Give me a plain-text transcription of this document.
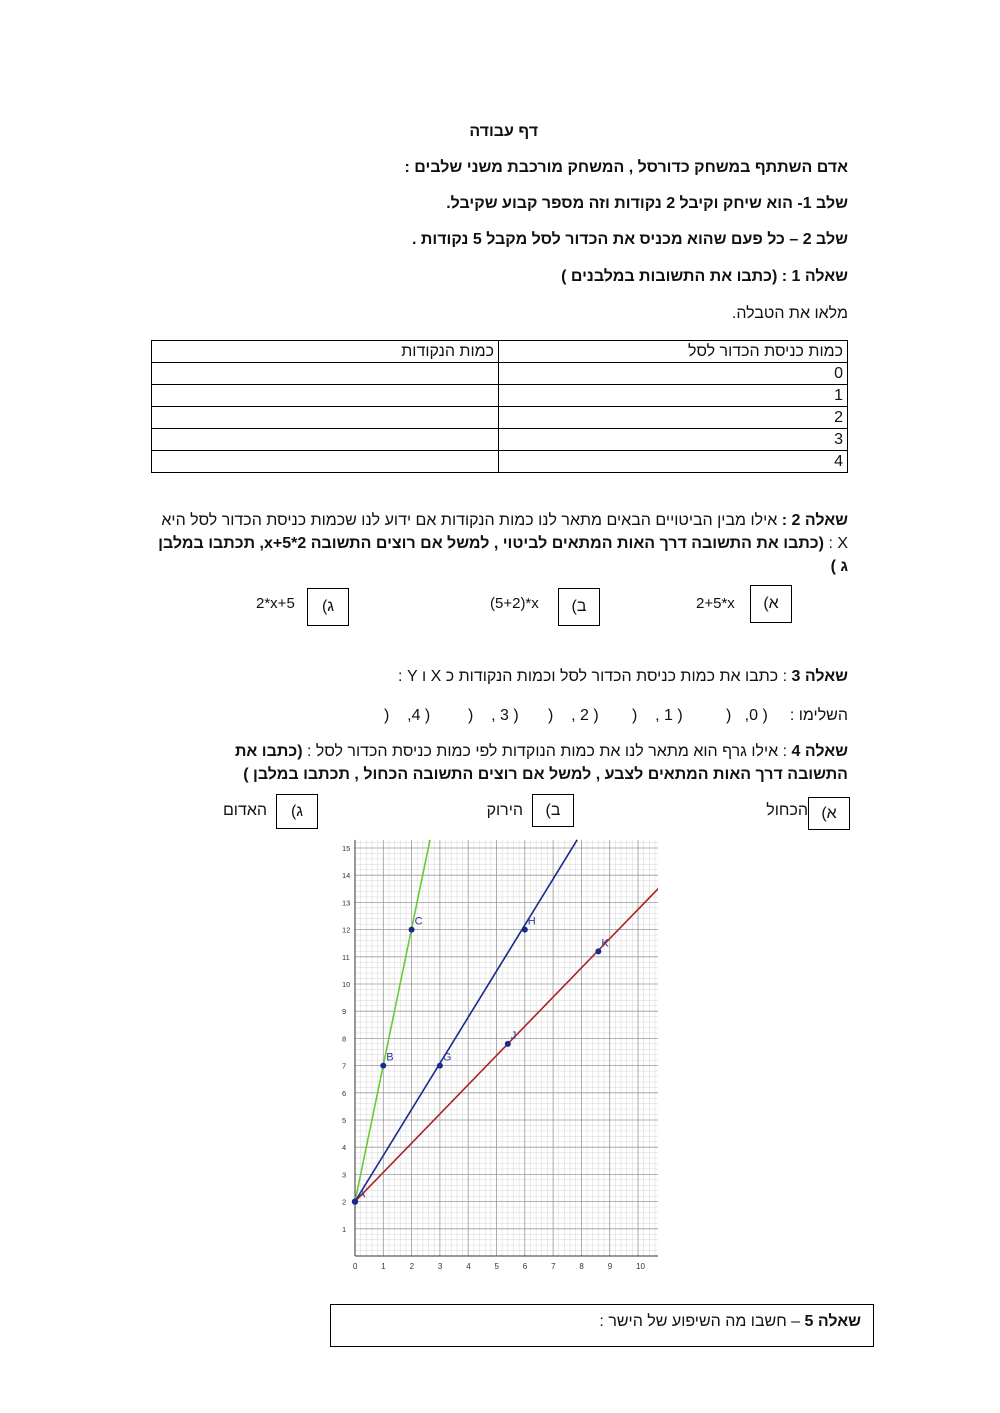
דף עבודה
אדם השתתף במשחק כדורסל , המשחק מורכבת משני שלבים :
שלב 1- הוא שיחק וקיבל 2 נקודות וזה מספר קבוע שקיבל.
שלב 2 – כל פעם שהוא מכניס את הכדור לסל מקבל 5 נקודות .
שאלה 1 : (כתבו את התשובות במלבנים )
מלאו את הטבלה.
כמות כניסת הכדור לסל	כמות הנקודות
0	
1	
2	
3	
4	
שאלה 2 : אילו מבין הביטויים הבאים מתאר לנו כמות הנקודות אם ידוע לנו שכמות כניסת הכדור לסל היא X : (כתבו את התשובה דרך האות המתאים לביטוי , למשל אם רוצים התשובה 2*x+5, תכתבו במלבן ג )
א)
2+5*x
ב)
(5+2)*x
ג)
2*x+5
שאלה 3 : כתבו את כמות כניסת הכדור לסל וכמות הנקודות כ X ו Y :
השלימו :
) ( 0,
) ( 1 ,
) ( 2 ,
) ( 3 ,
) ( 4,
שאלה 4 : אילו גרף הוא מתאר לנו את כמות הנוקדות לפי כמות כניסת הכדור לסל : (כתבו את
התשובה דרך האות המתאים לצבע , למשל אם רוצים התשובה הכחול , תכתבו במלבן )
א)
הכחול
ב)
הירוק
ג)
האדום
0	1	2	3	4	5	6	7	8	9	10
1
2
3
4
5
6
7
8
9
10
11
12
13
14
15
A
B
C
G
H
J
K
שאלה 5 – חשבו מה השיפוע של הישר :
